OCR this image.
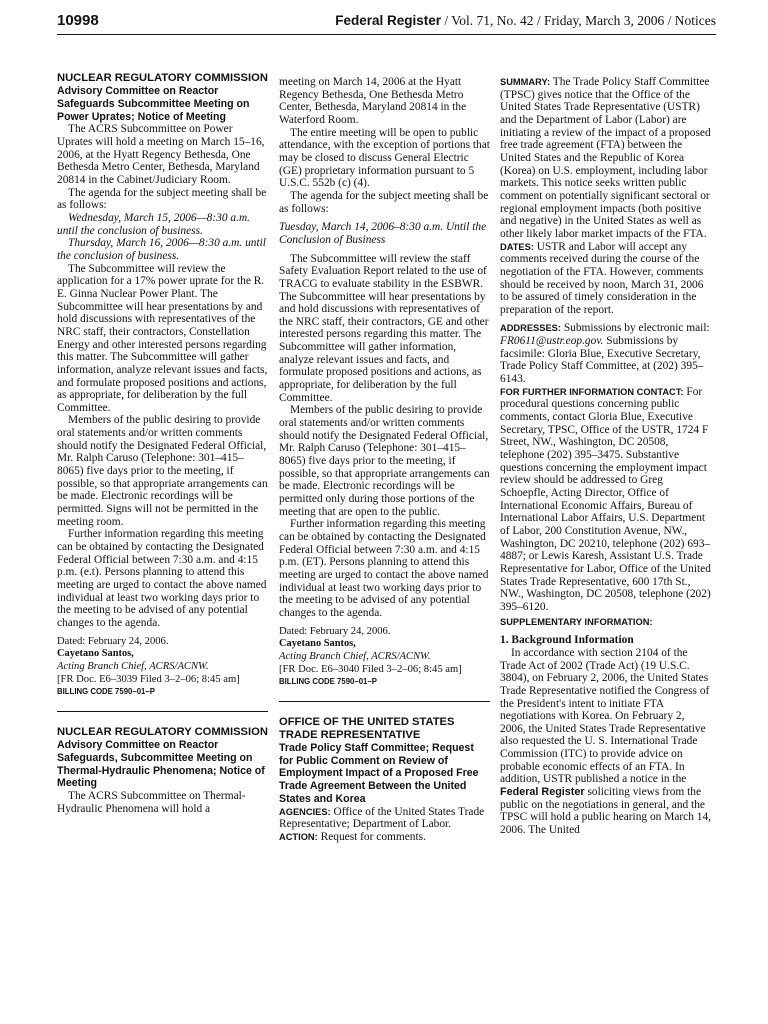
10998	Federal Register / Vol. 71, No. 42 / Friday, March 3, 2006 / Notices

NUCLEAR REGULATORY COMMISSION

Advisory Committee on Reactor Safeguards Subcommittee Meeting on Power Uprates; Notice of Meeting

The ACRS Subcommittee on Power Uprates will hold a meeting on March 15–16, 2006, at the Hyatt Regency Bethesda, One Bethesda Metro Center, Bethesda, Maryland 20814 in the Cabinet/Judiciary Room.

The agenda for the subject meeting shall be as follows:

Wednesday, March 15, 2006—8:30 a.m. until the conclusion of business.

Thursday, March 16, 2006—8:30 a.m. until the conclusion of business.

The Subcommittee will review the application for a 17% power uprate for the R. E. Ginna Nuclear Power Plant. The Subcommittee will hear presentations by and hold discussions with representatives of the NRC staff, their contractors, Constellation Energy and other interested persons regarding this matter. The Subcommittee will gather information, analyze relevant issues and facts, and formulate proposed positions and actions, as appropriate, for deliberation by the full Committee.

Members of the public desiring to provide oral statements and/or written comments should notify the Designated Federal Official, Mr. Ralph Caruso (Telephone: 301–415–8065) five days prior to the meeting, if possible, so that appropriate arrangements can be made. Electronic recordings will be permitted. Signs will not be permitted in the meeting room.

Further information regarding this meeting can be obtained by contacting the Designated Federal Official between 7:30 a.m. and 4:15 p.m. (e.t). Persons planning to attend this meeting are urged to contact the above named individual at least two working days prior to the meeting to be advised of any potential changes to the agenda.

Dated: February 24, 2006.

Cayetano Santos,

Acting Branch Chief, ACRS/ACNW.

[FR Doc. E6–3039 Filed 3–2–06; 8:45 am]

BILLING CODE 7590–01–P

NUCLEAR REGULATORY COMMISSION

Advisory Committee on Reactor Safeguards, Subcommittee Meeting on Thermal-Hydraulic Phenomena; Notice of Meeting

The ACRS Subcommittee on Thermal-Hydraulic Phenomena will hold a

meeting on March 14, 2006 at the Hyatt Regency Bethesda, One Bethesda Metro Center, Bethesda, Maryland 20814 in the Waterford Room.

The entire meeting will be open to public attendance, with the exception of portions that may be closed to discuss General Electric (GE) proprietary information pursuant to 5 U.S.C. 552b (c) (4).

The agenda for the subject meeting shall be as follows:

Tuesday, March 14, 2006–8:30 a.m. Until the Conclusion of Business

The Subcommittee will review the staff Safety Evaluation Report related to the use of TRACG to evaluate stability in the ESBWR. The Subcommittee will hear presentations by and hold discussions with representatives of the NRC staff, their contractors, GE and other interested persons regarding this matter. The Subcommittee will gather information, analyze relevant issues and facts, and formulate proposed positions and actions, as appropriate, for deliberation by the full Committee.

Members of the public desiring to provide oral statements and/or written comments should notify the Designated Federal Official, Mr. Ralph Caruso (Telephone: 301–415–8065) five days prior to the meeting, if possible, so that appropriate arrangements can be made. Electronic recordings will be permitted only during those portions of the meeting that are open to the public.

Further information regarding this meeting can be obtained by contacting the Designated Federal Official between 7:30 a.m. and 4:15 p.m. (ET). Persons planning to attend this meeting are urged to contact the above named individual at least two working days prior to the meeting to be advised of any potential changes to the agenda.

Dated: February 24, 2006.

Cayetano Santos,

Acting Branch Chief, ACRS/ACNW.

[FR Doc. E6–3040 Filed 3–2–06; 8:45 am]

BILLING CODE 7590–01–P

OFFICE OF THE UNITED STATES TRADE REPRESENTATIVE

Trade Policy Staff Committee; Request for Public Comment on Review of Employment Impact of a Proposed Free Trade Agreement Between the United States and Korea

AGENCIES: Office of the United States Trade Representative; Department of Labor.

ACTION: Request for comments.

SUMMARY: The Trade Policy Staff Committee (TPSC) gives notice that the Office of the United States Trade Representative (USTR) and the Department of Labor (Labor) are initiating a review of the impact of a proposed free trade agreement (FTA) between the United States and the Republic of Korea (Korea) on U.S. employment, including labor markets. This notice seeks written public comment on potentially significant sectoral or regional employment impacts (both positive and negative) in the United States as well as other likely labor market impacts of the FTA.

DATES: USTR and Labor will accept any comments received during the course of the negotiation of the FTA. However, comments should be received by noon, March 31, 2006 to be assured of timely consideration in the preparation of the report.

ADDRESSES: Submissions by electronic mail: FR0611@ustr.eop.gov. Submissions by facsimile: Gloria Blue, Executive Secretary, Trade Policy Staff Committee, at (202) 395–6143.

FOR FURTHER INFORMATION CONTACT: For procedural questions concerning public comments, contact Gloria Blue, Executive Secretary, TPSC, Office of the USTR, 1724 F Street, NW., Washington, DC 20508, telephone (202) 395–3475. Substantive questions concerning the employment impact review should be addressed to Greg Schoepfle, Acting Director, Office of International Economic Affairs, Bureau of International Labor Affairs, U.S. Department of Labor, 200 Constitution Avenue, NW., Washington, DC 20210, telephone (202) 693–4887; or Lewis Karesh, Assistant U.S. Trade Representative for Labor, Office of the United States Trade Representative, 600 17th St., NW., Washington, DC 20508, telephone (202) 395–6120.

SUPPLEMENTARY INFORMATION:

1. Background Information

In accordance with section 2104 of the Trade Act of 2002 (Trade Act) (19 U.S.C. 3804), on February 2, 2006, the United States Trade Representative notified the Congress of the President's intent to initiate FTA negotiations with Korea. On February 2, 2006, the United States Trade Representative also requested the U. S. International Trade Commission (ITC) to provide advice on probable economic effects of an FTA. In addition, USTR published a notice in the Federal Register soliciting views from the public on the negotiations in general, and the TPSC will hold a public hearing on March 14, 2006. The United
